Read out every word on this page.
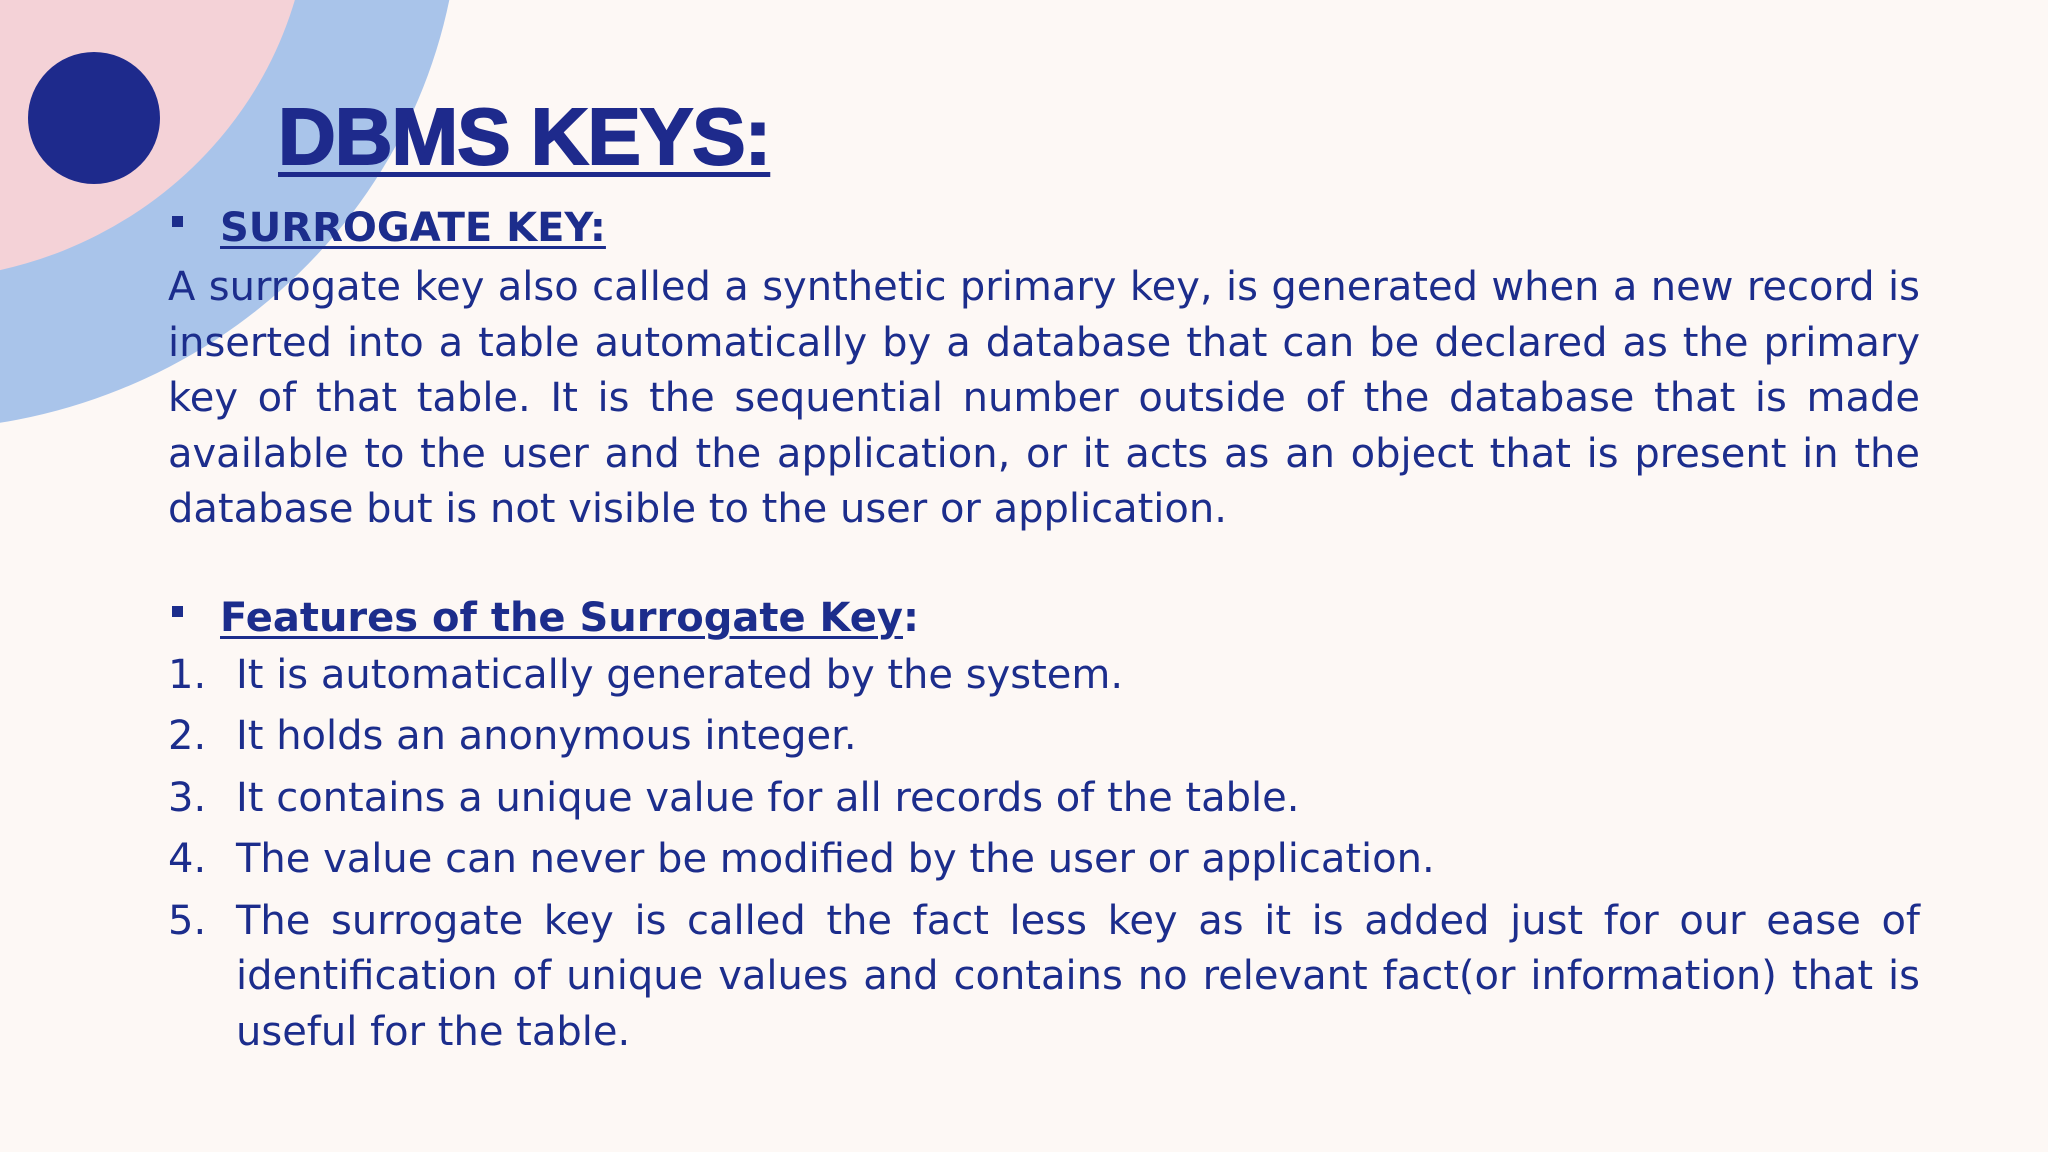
DBMS KEYS:
SURROGATE KEY:

A surrogate key also called a synthetic primary key, is generated when a new record is inserted into a table automatically by a database that can be declared as the primary key of that table. It is the sequential number outside of the database that is made available to the user and the application, or it acts as an object that is present in the database but is not visible to the user or application.

Features of the Surrogate Key:
1. It is automatically generated by the system.
2. It holds an anonymous integer.
3. It contains a unique value for all records of the table.
4. The value can never be modified by the user or application.
5. The surrogate key is called the fact less key as it is added just for our ease of identification of unique values and contains no relevant fact(or information) that is useful for the table.
